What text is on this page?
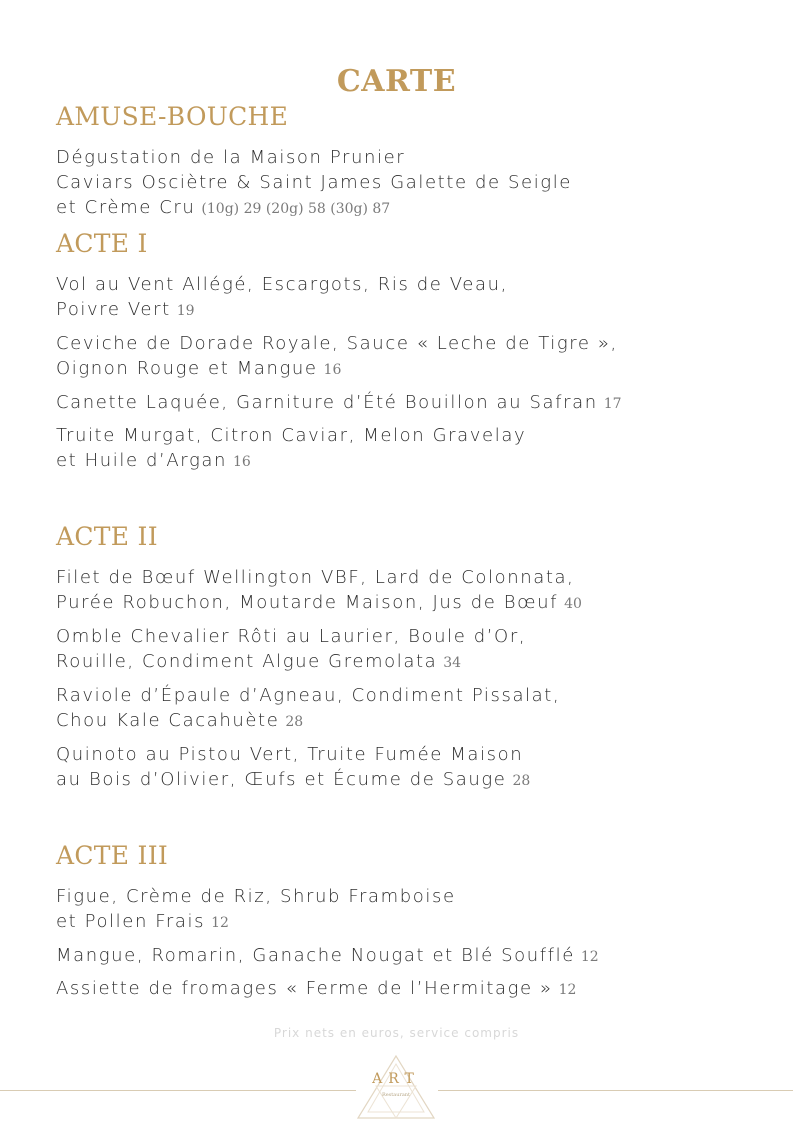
CARTE
AMUSE-BOUCHE
Dégustation de la Maison Prunier
Caviars Osciètre & Saint James Galette de Seigle
et Crème Cru (10g) 29 (20g) 58 (30g) 87
ACTE I
Vol au Vent Allégé, Escargots, Ris de Veau,
Poivre Vert 19
Ceviche de Dorade Royale, Sauce « Leche de Tigre »,
Oignon Rouge et Mangue 16
Canette Laquée, Garniture d’Été Bouillon au Safran 17
Truite Murgat, Citron Caviar, Melon Gravelay
et Huile d’Argan 16
ACTE II
Filet de Bœuf Wellington VBF, Lard de Colonnata,
Purée Robuchon, Moutarde Maison, Jus de Bœuf 40
Omble Chevalier Rôti au Laurier, Boule d’Or,
Rouille, Condiment Algue Gremolata 34
Raviole d’Épaule d’Agneau, Condiment Pissalat,
Chou Kale Cacahuète 28
Quinoto au Pistou Vert, Truite Fumée Maison
au Bois d’Olivier, Œufs et Écume de Sauge 28
ACTE III
Figue, Crème de Riz, Shrub Framboise
et Pollen Frais 12
Mangue, Romarin, Ganache Nougat et Blé Soufflé 12
Assiette de fromages « Ferme de l’Hermitage » 12
Prix nets en euros, service compris
ART
Restaurant
